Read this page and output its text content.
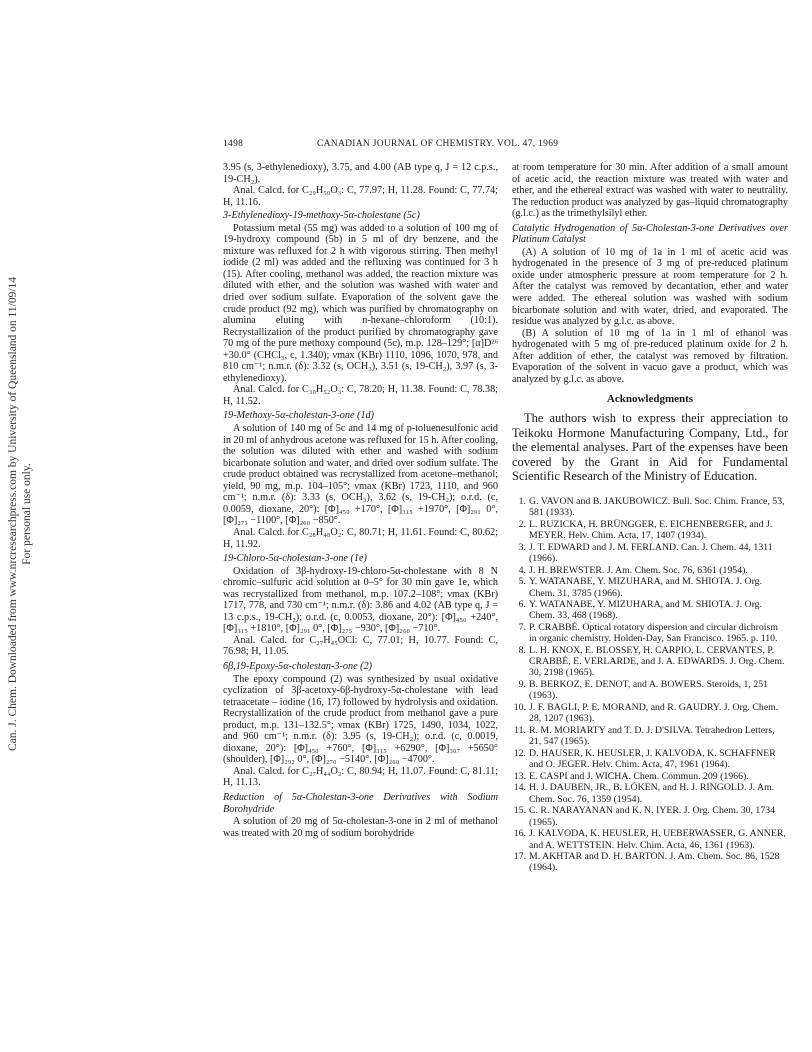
Can. J. Chem. Downloaded from www.nrcresearchpress.com by University of Queensland on 11/09/14
For personal use only.
1498	CANADIAN JOURNAL OF CHEMISTRY. VOL. 47, 1969

3.95 (s, 3-ethylenedioxy), 3.75, and 4.00 (AB type q, J = 12 c.p.s., 19-CH₂).

Anal. Calcd. for C₂₉H₅₀O₃: C, 77.97; H, 11.28. Found: C, 77.74; H, 11.16.

3-Ethylenedioxy-19-methoxy-5α-cholestane (5c)

Potassium metal (55 mg) was added to a solution of 100 mg of 19-hydroxy compound (5b) in 5 ml of dry benzene, and the mixture was refluxed for 2 h with vigorous stirring. Then methyl iodide (2 ml) was added and the refluxing was continued for 3 h (15). After cooling, methanol was added, the reaction mixture was diluted with ether, and the solution was washed with water and dried over sodium sulfate. Evaporation of the solvent gave the crude product (92 mg), which was purified by chromatography on alumina eluting with n-hexane–chloroform (10:1). Recrystallization of the product purified by chromatography gave 70 mg of the pure methoxy compound (5c), m.p. 128–129°; [α]D²⁶ +30.0° (CHCl₃, c, 1.340); νmax (KBr) 1110, 1096, 1070, 978, and 810 cm⁻¹; n.m.r. (δ): 3.32 (s, OCH₃), 3.51 (s, 19-CH₂), 3.97 (s, 3-ethylenedioxy).

Anal. Calcd. for C₃₀H₅₂O₃: C, 78.20; H, 11.38. Found: C, 78.38; H, 11.52.

19-Methoxy-5α-cholestan-3-one (1d)

A solution of 140 mg of 5c and 14 mg of p-toluenesulfonic acid in 20 ml of anhydrous acetone was refluxed for 15 h. After cooling, the solution was diluted with ether and washed with sodium bicarbonate solution and water, and dried over sodium sulfate. The crude product obtained was recrystallized from acetone–methanol; yield, 90 mg, m.p. 104–105°; νmax (KBr) 1723, 1110, and 960 cm⁻¹; n.m.r. (δ): 3.33 (s, OCH₃), 3.62 (s, 19-CH₂); o.r.d. (c, 0.0059, dioxane, 20°): [Φ]₄₅₀ +170°, [Φ]₃₁₅ +1970°, [Φ]₂₉₁ 0°, [Φ]₂₇₃ −1100°, [Φ]₂₆₀ −850°.

Anal. Calcd. for C₂₈H₄₈O₂: C, 80.71; H, 11.61. Found: C, 80.62; H, 11.92.

19-Chloro-5α-cholestan-3-one (1e)

Oxidation of 3β-hydroxy-19-chloro-5α-cholestane with 8 N chromic–sulfuric acid solution at 0–5° for 30 min gave 1e, which was recrystallized from methanol, m.p. 107.2–108°; νmax (KBr) 1717, 778, and 730 cm⁻¹; n.m.r. (δ): 3.86 and 4.02 (AB type q, J = 13 c.p.s., 19-CH₂); o.r.d. (c, 0.0053, dioxane, 20°): [Φ]₄₅₀ +240°, [Φ]₃₁₅ +1810°, [Φ]₂₉₁ 0°, [Φ]₂₇₅ −930°, [Φ]₂₆₀ −710°.

Anal. Calcd. for C₂₇H₄₅OCl: C, 77.01; H, 10.77. Found: C, 76.98; H, 11.05.

6β,19-Epoxy-5α-cholestan-3-one (2)

The epoxy compound (2) was synthesized by usual oxidative cyclization of 3β-acetoxy-6β-hydroxy-5α-cholestane with lead tetraacetate – iodine (16, 17) followed by hydrolysis and oxidation. Recrystallization of the crude product from methanol gave a pure product, m.p. 131–132.5°; νmax (KBr) 1725, 1490, 1034, 1022, and 960 cm⁻¹; n.m.r. (δ): 3.95 (s, 19-CH₂); o.r.d. (c, 0.0019, dioxane, 20°): [Φ]₄₅₀ +760°, [Φ]₃₁₅ +6290°, [Φ]₃₀₇ +5650° (shoulder), [Φ]₂₉₂ 0°, [Φ]₂₇₀ −5140°, [Φ]₂₆₀ −4700°.

Anal. Calcd. for C₂₇H₄₄O₂: C, 80.94; H, 11.07. Found: C, 81.11; H, 11.13.

Reduction of 5α-Cholestan-3-one Derivatives with Sodium Borohydride

A solution of 20 mg of 5α-cholestan-3-one in 2 ml of methanol was treated with 20 mg of sodium borohydride

at room temperature for 30 min. After addition of a small amount of acetic acid, the reaction mixture was treated with water and ether, and the ethereal extract was washed with water to neutrality. The reduction product was analyzed by gas–liquid chromatography (g.l.c.) as the trimethylsilyl ether.

Catalytic Hydrogenation of 5α-Cholestan-3-one Derivatives over Platinum Catalyst

(A) A solution of 10 mg of 1a in 1 ml of acetic acid was hydrogenated in the presence of 3 mg of pre-reduced platinum oxide under atmospheric pressure at room temperature for 2 h. After the catalyst was removed by decantation, ether and water were added. The ethereal solution was washed with sodium bicarbonate solution and with water, dried, and evaporated. The residue was analyzed by g.l.c. as above.

(B) A solution of 10 mg of 1a in 1 ml of ethanol was hydrogenated with 5 mg of pre-reduced platinum oxide for 2 h. After addition of ether, the catalyst was removed by filtration. Evaporation of the solvent in vacuo gave a product, which was analyzed by g.l.c. as above.

Acknowledgments

The authors wish to express their appreciation to Teikoku Hormone Manufacturing Company, Ltd., for the elemental analyses. Part of the expenses have been covered by the Grant in Aid for Fundamental Scientific Research of the Ministry of Education.

1. G. VAVON and B. JAKUBOWICZ. Bull. Soc. Chim. France, 53, 581 (1933).
2. L. RUZICKA, H. BRÜNGGER, E. EICHENBERGER, and J. MEYER. Helv. Chim. Acta, 17, 1407 (1934).
3. J. T. EDWARD and J. M. FERLAND. Can. J. Chem. 44, 1311 (1966).
4. J. H. BREWSTER. J. Am. Chem. Soc. 76, 6361 (1954).
5. Y. WATANABE, Y. MIZUHARA, and M. SHIOTA. J. Org. Chem. 31, 3785 (1966).
6. Y. WATANABE, Y. MIZUHARA, and M. SHIOTA. J. Org. Chem. 33, 468 (1968).
7. P. CRABBÉ. Optical rotatory dispersion and circular dichroism in organic chemistry. Holden-Day, San Francisco. 1965. p. 110.
8. L. H. KNOX, E. BLOSSEY, H. CARPIO, L. CERVANTES, P. CRABBÉ, E. VERLARDE, and J. A. EDWARDS. J. Org. Chem. 30, 2198 (1965).
9. B. BERKOZ, E. DENOT, and A. BOWERS. Steroids, 1, 251 (1963).
10. J. F. BAGLI, P. E. MORAND, and R. GAUDRY. J. Org. Chem. 28, 1207 (1963).
11. R. M. MORIARTY and T. D. J. D'SILVA. Tetrahedron Letters, 21, 547 (1965).
12. D. HAUSER, K. HEUSLER, J. KALVODA, K. SCHAFFNER and O. JEGER. Helv. Chim. Acta, 47, 1961 (1964).
13. E. CASPI and J. WICHA. Chem. Commun. 209 (1966).
14. H. J. DAUBEN, JR., B. LÖKEN, and H. J. RINGOLD. J. Am. Chem. Soc. 76, 1359 (1954).
15. C. R. NARAYANAN and K. N. IYER. J. Org. Chem. 30, 1734 (1965).
16. J. KALVODA, K. HEUSLER, H. UEBERWASSER, G. ANNER, and A. WETTSTEIN. Helv. Chim. Acta, 46, 1361 (1963).
17. M. AKHTAR and D. H. BARTON. J. Am. Chem. Soc. 86, 1528 (1964).
